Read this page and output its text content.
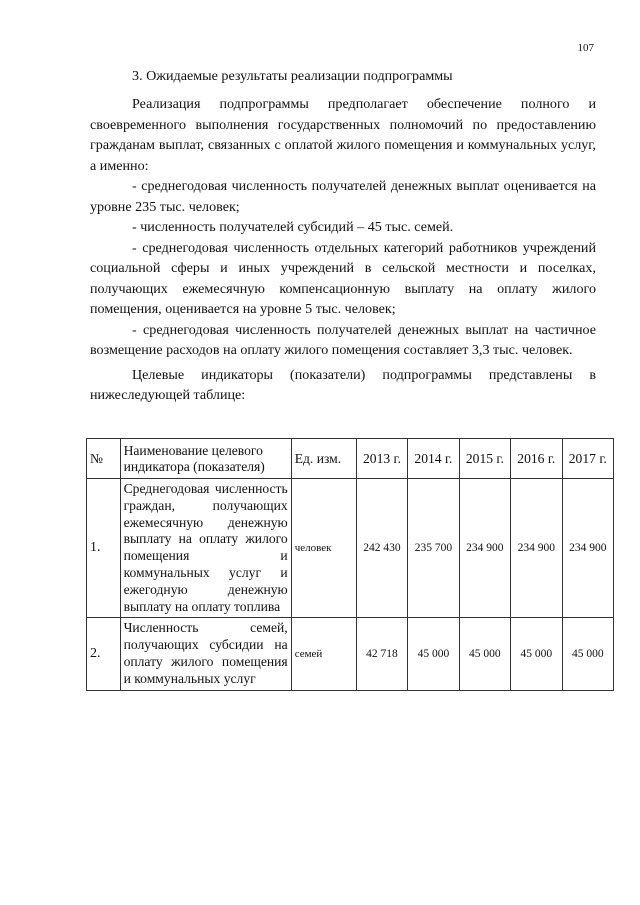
107
3. Ожидаемые результаты реализации подпрограммы

Реализация подпрограммы предполагает обеспечение полного и своевременного выполнения государственных полномочий по предоставлению гражданам выплат, связанных с оплатой жилого помещения и коммунальных услуг, а именно:

- среднегодовая численность получателей денежных выплат оценивается на уровне 235 тыс. человек;

- численность получателей субсидий – 45 тыс. семей.

- среднегодовая численность отдельных категорий работников учреждений социальной сферы и иных учреждений в сельской местности и поселках, получающих ежемесячную компенсационную выплату на оплату жилого помещения, оценивается на уровне 5 тыс. человек;

- среднегодовая численность получателей денежных выплат на частичное возмещение расходов на оплату жилого помещения составляет 3,3 тыс. человек.

Целевые индикаторы (показатели) подпрограммы представлены в нижеследующей таблице:

№	Наименование целевого индикатора (показателя)	Ед. изм.	2013 г.	2014 г.	2015 г.	2016 г.	2017 г.
1.	Среднегодовая численность граждан, получающих ежемесячную денежную выплату на оплату жилого помещения и коммунальных услуг и ежегодную денежную выплату на оплату топлива	человек	242 430	235 700	234 900	234 900	234 900
2.	Численность семей, получающих субсидии на оплату жилого помещения и коммунальных услуг	семей	42 718	45 000	45 000	45 000	45 000
